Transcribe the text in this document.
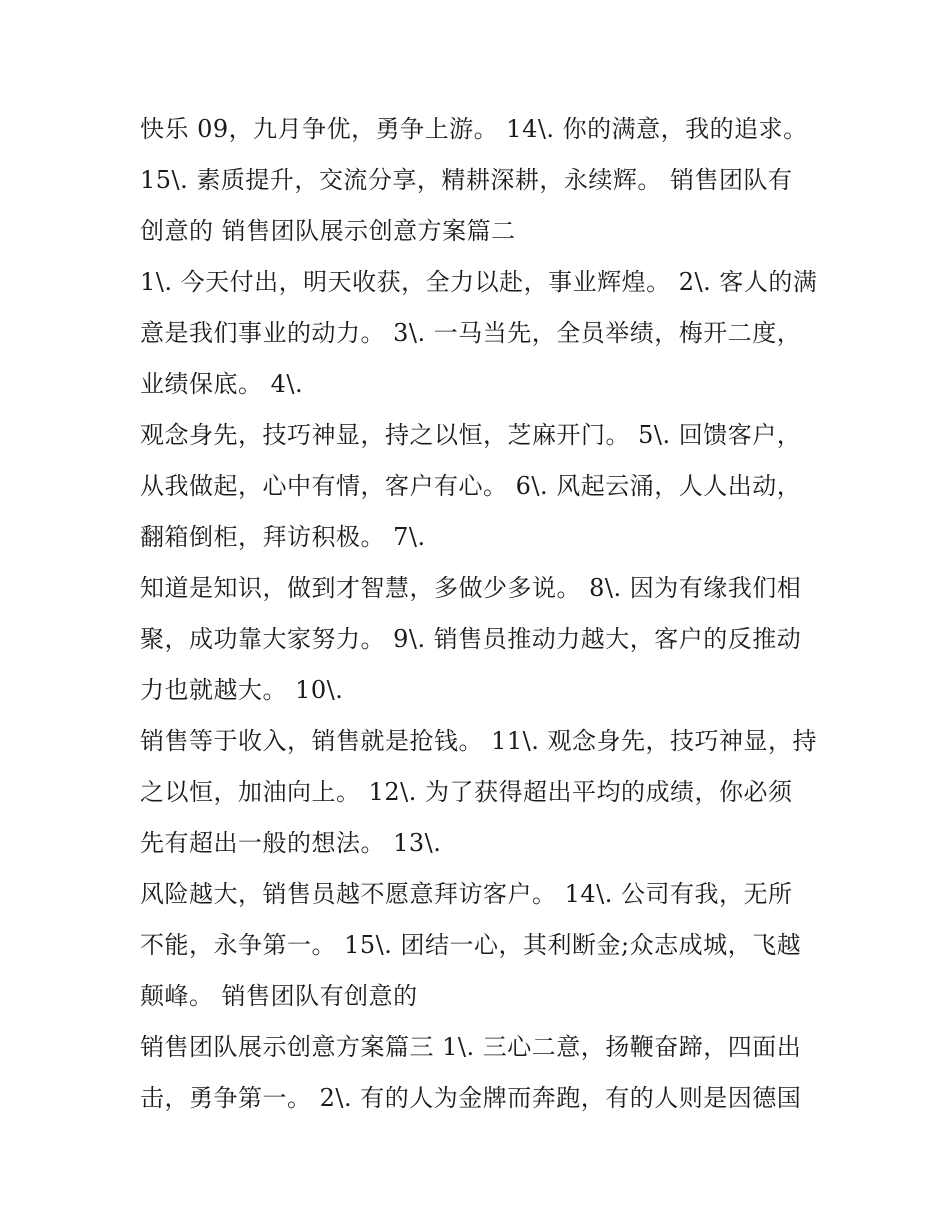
快乐 09，九月争优，勇争上游。 14\. 你的满意，我的追求。
15\. 素质提升，交流分享，精耕深耕，永续辉。 销售团队有
创意的 销售团队展示创意方案篇二
1\. 今天付出，明天收获，全力以赴，事业辉煌。 2\. 客人的满
意是我们事业的动力。 3\. 一马当先，全员举绩，梅开二度，
业绩保底。 4\.
观念身先，技巧神显，持之以恒，芝麻开门。 5\. 回馈客户，
从我做起，心中有情，客户有心。 6\. 风起云涌，人人出动，
翻箱倒柜，拜访积极。 7\.
知道是知识，做到才智慧，多做少多说。 8\. 因为有缘我们相
聚，成功靠大家努力。 9\. 销售员推动力越大，客户的反推动
力也就越大。 10\.
销售等于收入，销售就是抢钱。 11\. 观念身先，技巧神显，持
之以恒，加油向上。 12\. 为了获得超出平均的成绩，你必须
先有超出一般的想法。 13\.
风险越大，销售员越不愿意拜访客户。 14\. 公司有我，无所
不能，永争第一。 15\. 团结一心，其利断金;众志成城，飞越
颠峰。 销售团队有创意的
销售团队展示创意方案篇三 1\. 三心二意，扬鞭奋蹄，四面出
击，勇争第一。 2\. 有的人为金牌而奔跑，有的人则是因德国
